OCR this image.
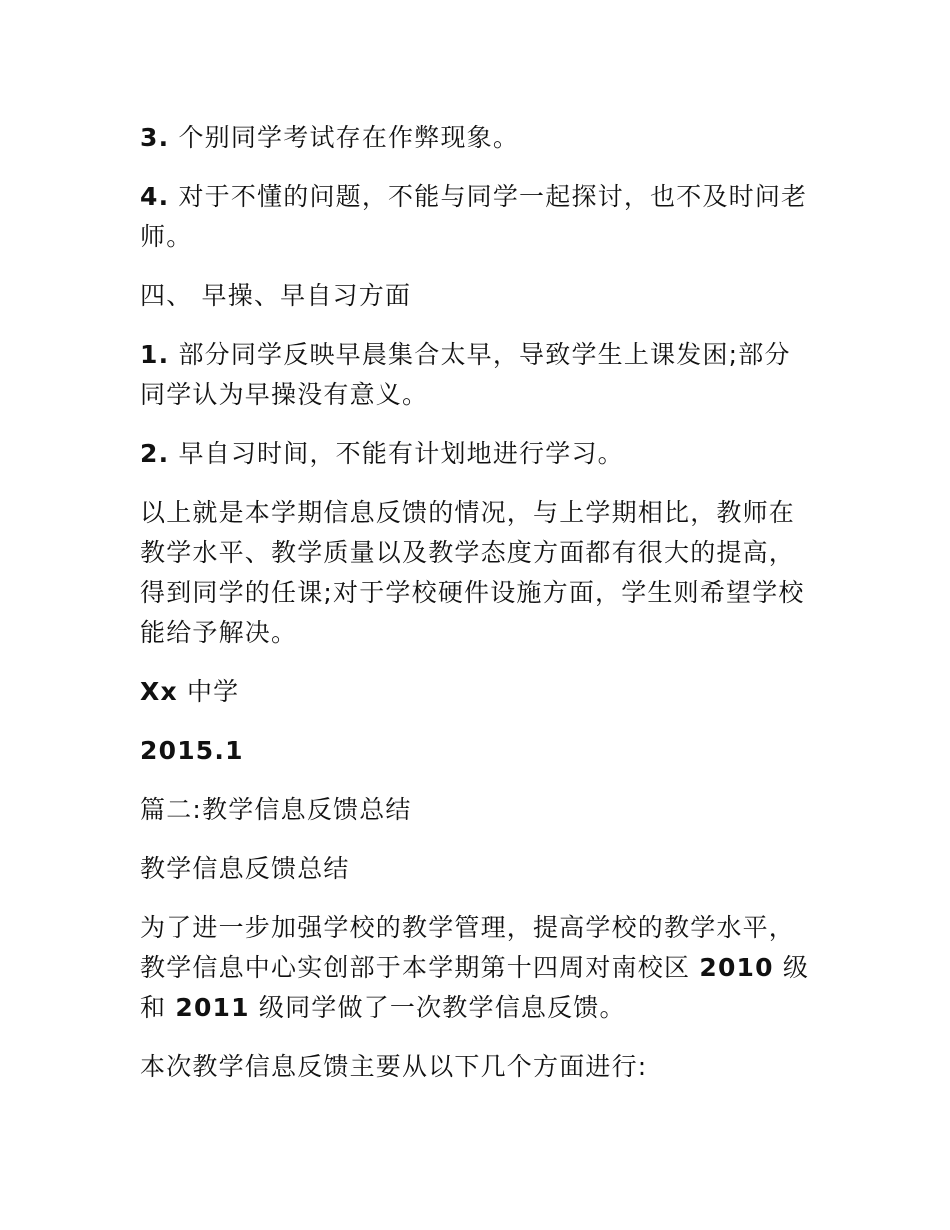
3. 个别同学考试存在作弊现象。

4. 对于不懂的问题，不能与同学一起探讨，也不及时问老师。

四、 早操、早自习方面

1. 部分同学反映早晨集合太早，导致学生上课发困;部分同学认为早操没有意义。

2. 早自习时间，不能有计划地进行学习。

以上就是本学期信息反馈的情况，与上学期相比，教师在教学水平、教学质量以及教学态度方面都有很大的提高，得到同学的任课;对于学校硬件设施方面，学生则希望学校能给予解决。

Xx 中学

2015.1

篇二:教学信息反馈总结

教学信息反馈总结

为了进一步加强学校的教学管理，提高学校的教学水平，教学信息中心实创部于本学期第十四周对南校区 2010 级和 2011 级同学做了一次教学信息反馈。

本次教学信息反馈主要从以下几个方面进行:
